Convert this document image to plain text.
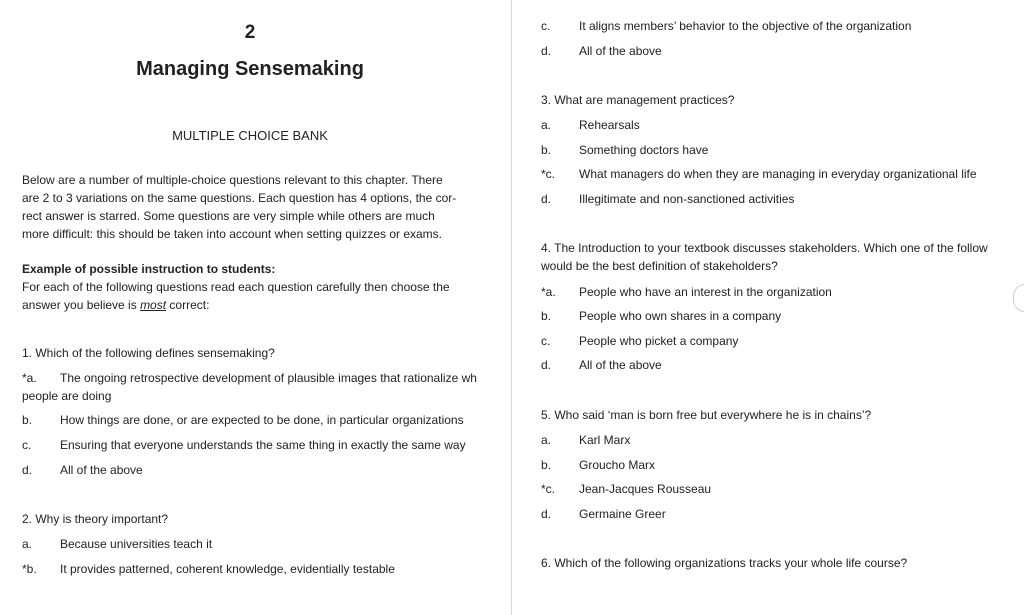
2
Managing Sensemaking
MULTIPLE CHOICE BANK
Below are a number of multiple-choice questions relevant to this chapter. There
are 2 to 3 variations on the same questions. Each question has 4 options, the cor-
rect answer is starred. Some questions are very simple while others are much
more difficult: this should be taken into account when setting quizzes or exams.
Example of possible instruction to students:
For each of the following questions read each question carefully then choose the
answer you believe is most correct:
1. Which of the following defines sensemaking?
*a. The ongoing retrospective development of plausible images that rationalize wh
people are doing
b. How things are done, or are expected to be done, in particular organizations
c. Ensuring that everyone understands the same thing in exactly the same way
d. All of the above
2. Why is theory important?
a. Because universities teach it
*b. It provides patterned, coherent knowledge, evidentially testable
c. It aligns members’ behavior to the objective of the organization
d. All of the above
3. What are management practices?
a. Rehearsals
b. Something doctors have
*c. What managers do when they are managing in everyday organizational life
d. Illegitimate and non-sanctioned activities
4. The Introduction to your textbook discusses stakeholders. Which one of the follow
would be the best definition of stakeholders?
*a. People who have an interest in the organization
b. People who own shares in a company
c. People who picket a company
d. All of the above
5. Who said ‘man is born free but everywhere he is in chains’?
a. Karl Marx
b. Groucho Marx
*c. Jean-Jacques Rousseau
d. Germaine Greer
6. Which of the following organizations tracks your whole life course?
